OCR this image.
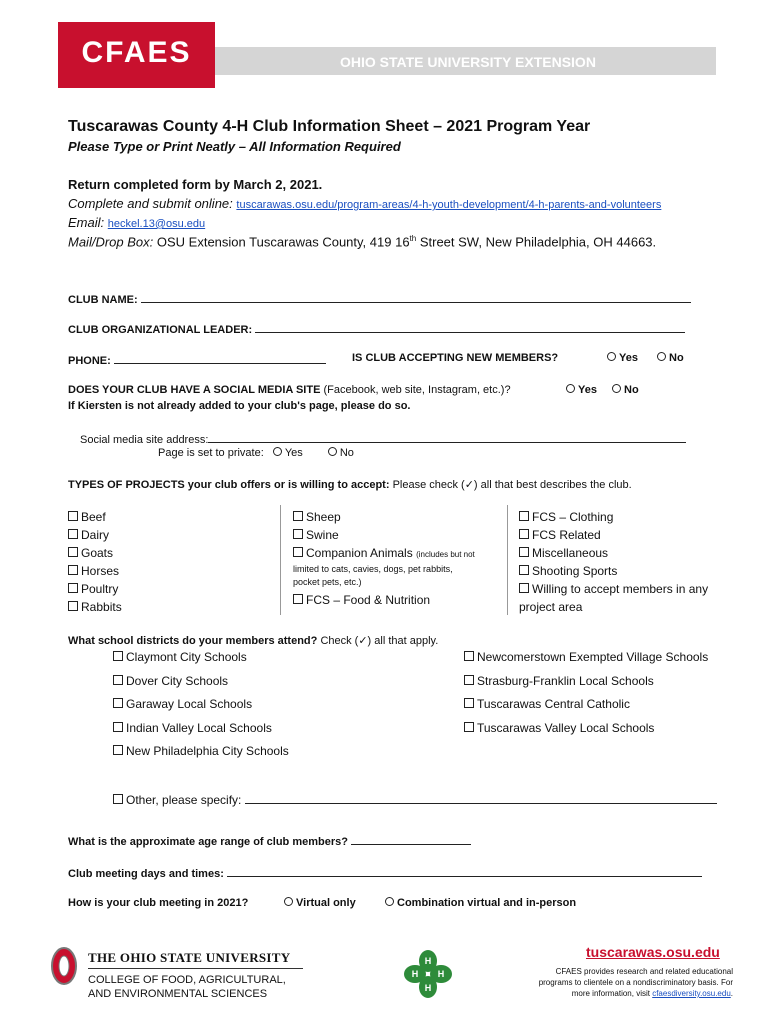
CFAES	OHIO STATE UNIVERSITY EXTENSION
Tuscarawas County 4-H Club Information Sheet – 2021 Program Year
Please Type or Print Neatly – All Information Required
Return completed form by March 2, 2021.
Complete and submit online: tuscarawas.osu.edu/program-areas/4-h-youth-development/4-h-parents-and-volunteers
Email: heckel.13@osu.edu
Mail/Drop Box: OSU Extension Tuscarawas County, 419 16th Street SW, New Philadelphia, OH 44663.
CLUB NAME:
CLUB ORGANIZATIONAL LEADER:
PHONE:	IS CLUB ACCEPTING NEW MEMBERS?	Yes	No
DOES YOUR CLUB HAVE A SOCIAL MEDIA SITE (Facebook, web site, Instagram, etc.)?	Yes	No
If Kiersten is not already added to your club's page, please do so.
Social media site address:
Page is set to private: Yes	No
TYPES OF PROJECTS your club offers or is willing to accept: Please check (✓) all that best describes the club.
Beef
Dairy
Goats
Horses
Poultry
Rabbits
Sheep
Swine
Companion Animals (includes but not
limited to cats, cavies, dogs, pet rabbits,
pocket pets, etc.)
FCS – Food & Nutrition
FCS – Clothing
FCS Related
Miscellaneous
Shooting Sports
Willing to accept members in any
project area
What school districts do your members attend? Check (✓) all that apply.
Claymont City Schools
Dover City Schools
Garaway Local Schools
Indian Valley Local Schools
New Philadelphia City Schools
Newcomerstown Exempted Village Schools
Strasburg-Franklin Local Schools
Tuscarawas Central Catholic
Tuscarawas Valley Local Schools
Other, please specify:
What is the approximate age range of club members?
Club meeting days and times:
How is your club meeting in 2021?	Virtual only	Combination virtual and in-person
THE OHIO STATE UNIVERSITY
COLLEGE OF FOOD, AGRICULTURAL,
AND ENVIRONMENTAL SCIENCES
H
H
H H
tuscarawas.osu.edu
CFAES provides research and related educational
programs to clientele on a nondiscriminatory basis. For
more information, visit cfaesdiversity.osu.edu.
